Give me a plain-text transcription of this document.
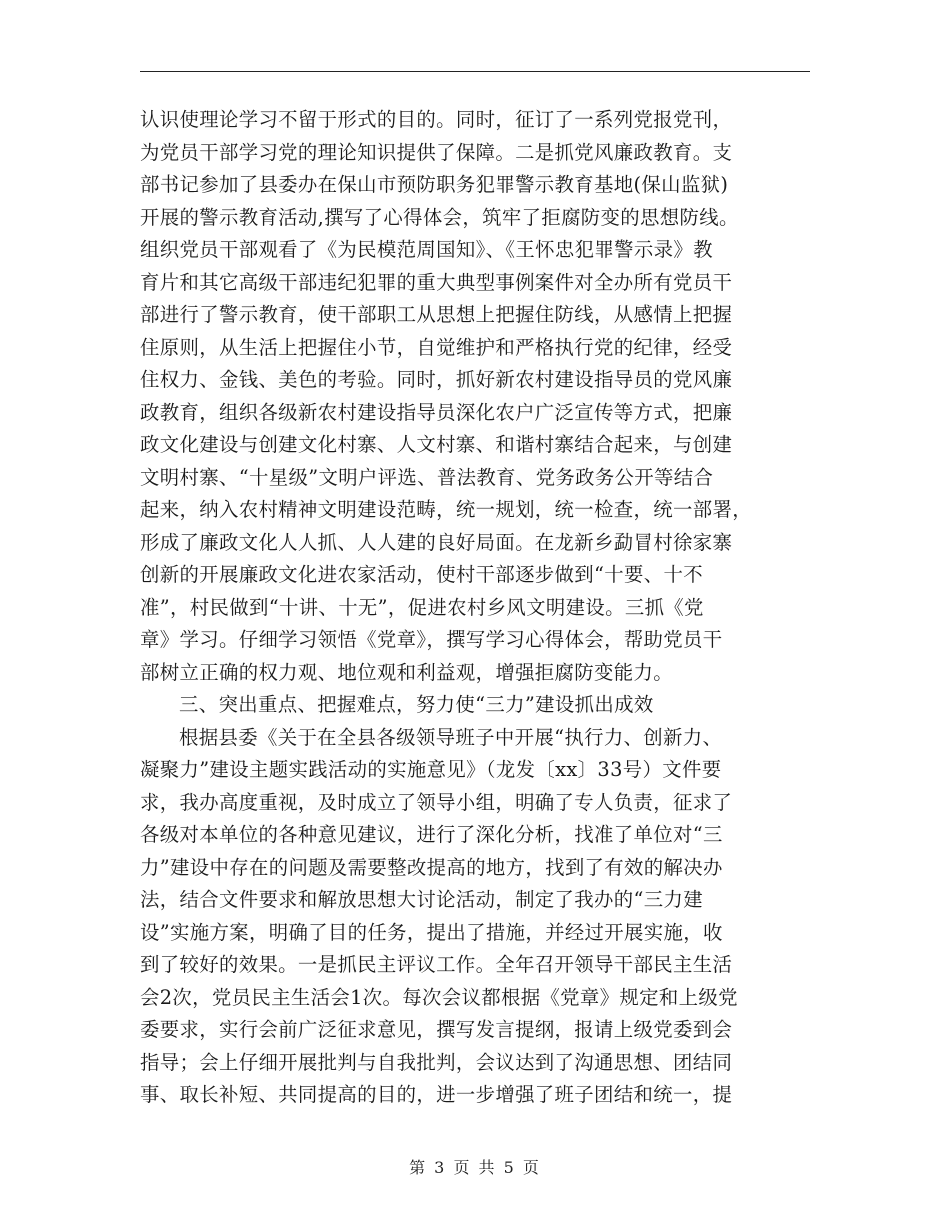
认识使理论学习不留于形式的目的。同时，征订了一系列党报党刊，
为党员干部学习党的理论知识提供了保障。二是抓党风廉政教育。支
部书记参加了县委办在保山市预防职务犯罪警示教育基地(保山监狱)
开展的警示教育活动,撰写了心得体会，筑牢了拒腐防变的思想防线。
组织党员干部观看了《为民模范周国知》、《王怀忠犯罪警示录》教
育片和其它高级干部违纪犯罪的重大典型事例案件对全办所有党员干
部进行了警示教育，使干部职工从思想上把握住防线，从感情上把握
住原则，从生活上把握住小节，自觉维护和严格执行党的纪律，经受
住权力、金钱、美色的考验。同时，抓好新农村建设指导员的党风廉
政教育，组织各级新农村建设指导员深化农户广泛宣传等方式，把廉
政文化建设与创建文化村寨、人文村寨、和谐村寨结合起来，与创建
文明村寨、“十星级”文明户评选、普法教育、党务政务公开等结合
起来，纳入农村精神文明建设范畴，统一规划，统一检查，统一部署，
形成了廉政文化人人抓、人人建的良好局面。在龙新乡勐冒村徐家寨
创新的开展廉政文化进农家活动，使村干部逐步做到“十要、十不
准”，村民做到“十讲、十无”，促进农村乡风文明建设。三抓《党
章》学习。仔细学习领悟《党章》，撰写学习心得体会，帮助党员干
部树立正确的权力观、地位观和利益观，增强拒腐防变能力。
三、突出重点、把握难点，努力使“三力”建设抓出成效
根据县委《关于在全县各级领导班子中开展“执行力、创新力、
凝聚力”建设主题实践活动的实施意见》（龙发〔xx〕33号）文件要
求，我办高度重视，及时成立了领导小组，明确了专人负责，征求了
各级对本单位的各种意见建议，进行了深化分析，找准了单位对“三
力”建设中存在的问题及需要整改提高的地方，找到了有效的解决办
法，结合文件要求和解放思想大讨论活动，制定了我办的“三力建
设”实施方案，明确了目的任务，提出了措施，并经过开展实施，收
到了较好的效果。一是抓民主评议工作。全年召开领导干部民主生活
会2次，党员民主生活会1次。每次会议都根据《党章》规定和上级党
委要求，实行会前广泛征求意见，撰写发言提纲，报请上级党委到会
指导；会上仔细开展批判与自我批判，会议达到了沟通思想、团结同
事、取长补短、共同提高的目的，进一步增强了班子团结和统一，提
第 3 页 共 5 页
